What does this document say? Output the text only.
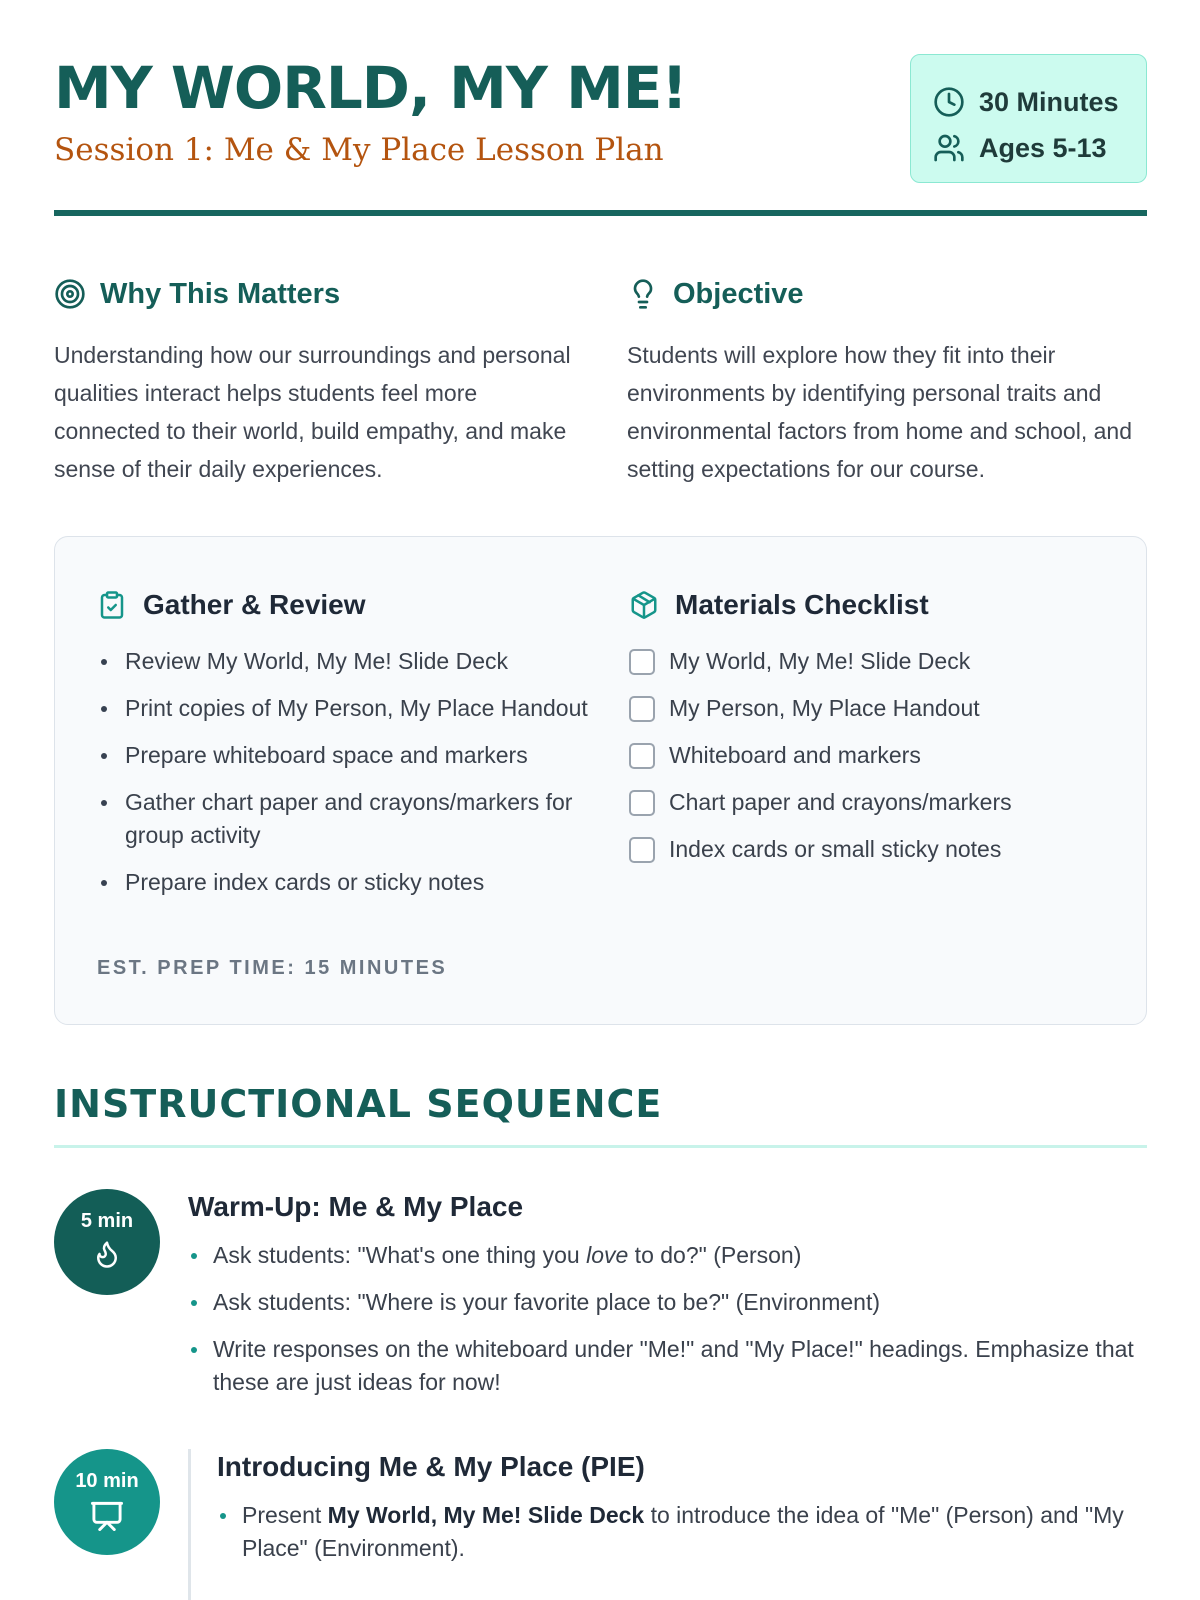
MY WORLD, MY ME!
Session 1: Me & My Place Lesson Plan
30 Minutes
Ages 5-13
Why This Matters

Understanding how our surroundings and personal qualities interact helps students feel more connected to their world, build empathy, and make sense of their daily experiences.

Objective

Students will explore how they fit into their environments by identifying personal traits and environmental factors from home and school, and setting expectations for our course.

Gather & Review
Review My World, My Me! Slide Deck
Print copies of My Person, My Place Handout
Prepare whiteboard space and markers
Gather chart paper and crayons/markers for group activity
Prepare index cards or sticky notes
Materials Checklist
My World, My Me! Slide Deck
My Person, My Place Handout
Whiteboard and markers
Chart paper and crayons/markers
Index cards or small sticky notes
EST. PREP TIME: 15 MINUTES
INSTRUCTIONAL SEQUENCE
5 min	Warm-Up: Me & My Place
Ask students: "What's one thing you love to do?" (Person)
Ask students: "Where is your favorite place to be?" (Environment)
Write responses on the whiteboard under "Me!" and "My Place!" headings. Emphasize that these are just ideas for now!
10 min	Introducing Me & My Place (PIE)
Present My World, My Me! Slide Deck to introduce the idea of "Me" (Person) and "My Place" (Environment).
